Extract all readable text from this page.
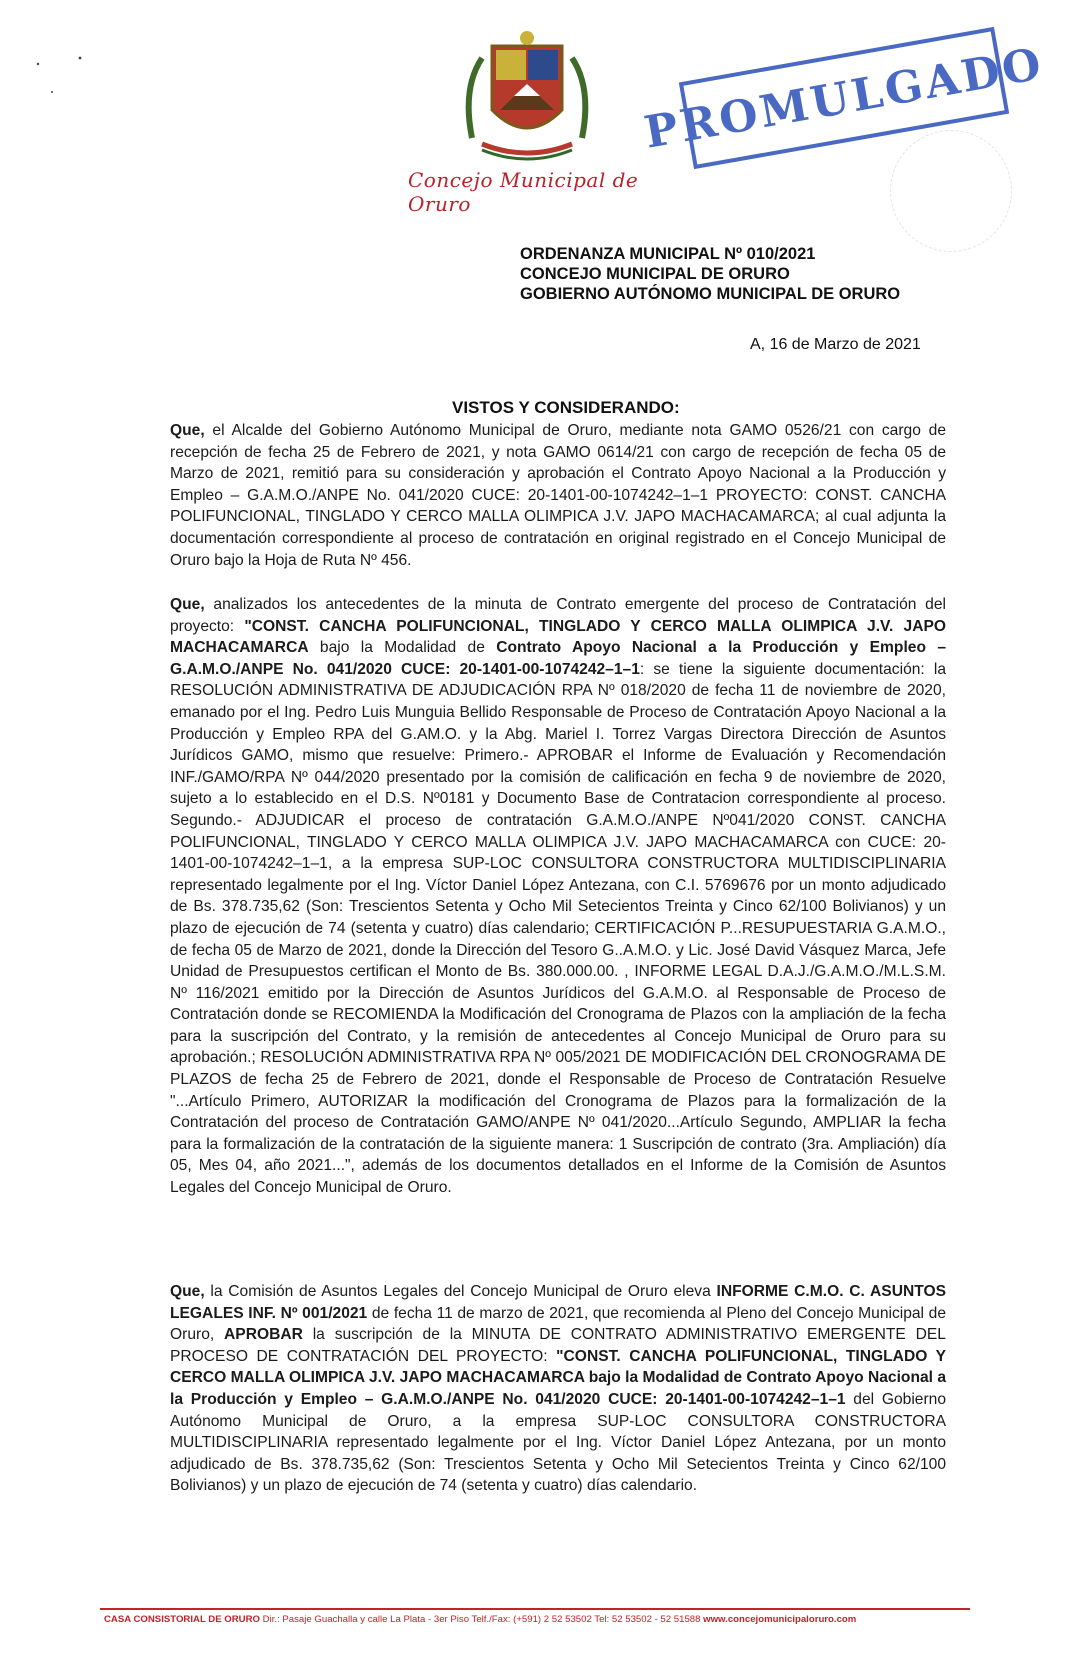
Concejo Municipal de Oruro
PROMULGADO
ORDENANZA MUNICIPAL Nº 010/2021
CONCEJO MUNICIPAL DE ORURO
GOBIERNO AUTÓNOMO MUNICIPAL DE ORURO
A, 16 de Marzo de 2021
VISTOS Y CONSIDERANDO:
Que, el Alcalde del Gobierno Autónomo Municipal de Oruro, mediante nota GAMO 0526/21 con cargo de recepción de fecha 25 de Febrero de 2021, y nota GAMO 0614/21 con cargo de recepción de fecha 05 de Marzo de 2021, remitió para su consideración y aprobación el Contrato Apoyo Nacional a la Producción y Empleo – G.A.M.O./ANPE No. 041/2020 CUCE: 20-1401-00-1074242–1–1 PROYECTO: CONST. CANCHA POLIFUNCIONAL, TINGLADO Y CERCO MALLA OLIMPICA J.V. JAPO MACHACAMARCA; al cual adjunta la documentación correspondiente al proceso de contratación en original registrado en el Concejo Municipal de Oruro bajo la Hoja de Ruta Nº 456.
Que, analizados los antecedentes de la minuta de Contrato emergente del proceso de Contratación del proyecto: "CONST. CANCHA POLIFUNCIONAL, TINGLADO Y CERCO MALLA OLIMPICA J.V. JAPO MACHACAMARCA bajo la Modalidad de Contrato Apoyo Nacional a la Producción y Empleo – G.A.M.O./ANPE No. 041/2020 CUCE: 20-1401-00-1074242–1–1: se tiene la siguiente documentación: la RESOLUCIÓN ADMINISTRATIVA DE ADJUDICACIÓN RPA Nº 018/2020 de fecha 11 de noviembre de 2020, emanado por el Ing. Pedro Luis Munguia Bellido Responsable de Proceso de Contratación Apoyo Nacional a la Producción y Empleo RPA del G.AM.O. y la Abg. Mariel I. Torrez Vargas Directora Dirección de Asuntos Jurídicos GAMO, mismo que resuelve: Primero.- APROBAR el Informe de Evaluación y Recomendación INF./GAMO/RPA Nº 044/2020 presentado por la comisión de calificación en fecha 9 de noviembre de 2020, sujeto a lo establecido en el D.S. Nº0181 y Documento Base de Contratacion correspondiente al proceso. Segundo.- ADJUDICAR el proceso de contratación G.A.M.O./ANPE Nº041/2020 CONST. CANCHA POLIFUNCIONAL, TINGLADO Y CERCO MALLA OLIMPICA J.V. JAPO MACHACAMARCA con CUCE: 20-1401-00-1074242–1–1, a la empresa SUP-LOC CONSULTORA CONSTRUCTORA MULTIDISCIPLINARIA representado legalmente por el Ing. Víctor Daniel López Antezana, con C.I. 5769676 por un monto adjudicado de Bs. 378.735,62 (Son: Trescientos Setenta y Ocho Mil Setecientos Treinta y Cinco 62/100 Bolivianos) y un plazo de ejecución de 74 (setenta y cuatro) días calendario; CERTIFICACIÓN P...RESUPUESTARIA G.A.M.O., de fecha 05 de Marzo de 2021, donde la Dirección del Tesoro G..A.M.O. y Lic. José David Vásquez Marca, Jefe Unidad de Presupuestos certifican el Monto de Bs. 380.000.00. , INFORME LEGAL D.A.J./G.A.M.O./M.L.S.M. Nº 116/2021 emitido por la Dirección de Asuntos Jurídicos del G.A.M.O. al Responsable de Proceso de Contratación donde se RECOMIENDA la Modificación del Cronograma de Plazos con la ampliación de la fecha para la suscripción del Contrato, y la remisión de antecedentes al Concejo Municipal de Oruro para su aprobación.; RESOLUCIÓN ADMINISTRATIVA RPA Nº 005/2021 DE MODIFICACIÓN DEL CRONOGRAMA DE PLAZOS de fecha 25 de Febrero de 2021, donde el Responsable de Proceso de Contratación Resuelve "...Artículo Primero, AUTORIZAR la modificación del Cronograma de Plazos para la formalización de la Contratación del proceso de Contratación GAMO/ANPE Nº 041/2020...Artículo Segundo, AMPLIAR la fecha para la formalización de la contratación de la siguiente manera: 1 Suscripción de contrato (3ra. Ampliación) día 05, Mes 04, año 2021...", además de los documentos detallados en el Informe de la Comisión de Asuntos Legales del Concejo Municipal de Oruro.
Que, la Comisión de Asuntos Legales del Concejo Municipal de Oruro eleva INFORME C.M.O. C. ASUNTOS LEGALES INF. Nº 001/2021 de fecha 11 de marzo de 2021, que recomienda al Pleno del Concejo Municipal de Oruro, APROBAR la suscripción de la MINUTA DE CONTRATO ADMINISTRATIVO EMERGENTE DEL PROCESO DE CONTRATACIÓN DEL PROYECTO: "CONST. CANCHA POLIFUNCIONAL, TINGLADO Y CERCO MALLA OLIMPICA J.V. JAPO MACHACAMARCA bajo la Modalidad de Contrato Apoyo Nacional a la Producción y Empleo – G.A.M.O./ANPE No. 041/2020 CUCE: 20-1401-00-1074242–1–1 del Gobierno Autónomo Municipal de Oruro, a la empresa SUP-LOC CONSULTORA CONSTRUCTORA MULTIDISCIPLINARIA representado legalmente por el Ing. Víctor Daniel López Antezana, por un monto adjudicado de Bs. 378.735,62 (Son: Trescientos Setenta y Ocho Mil Setecientos Treinta y Cinco 62/100 Bolivianos) y un plazo de ejecución de 74 (setenta y cuatro) días calendario.
CASA CONSISTORIAL DE ORURO Dir.: Pasaje Guachalla y calle La Plata - 3er Piso Telf./Fax: (+591) 2 52 53502 Tel: 52 53502 - 52 51588 www.concejomunicipaloruro.com
